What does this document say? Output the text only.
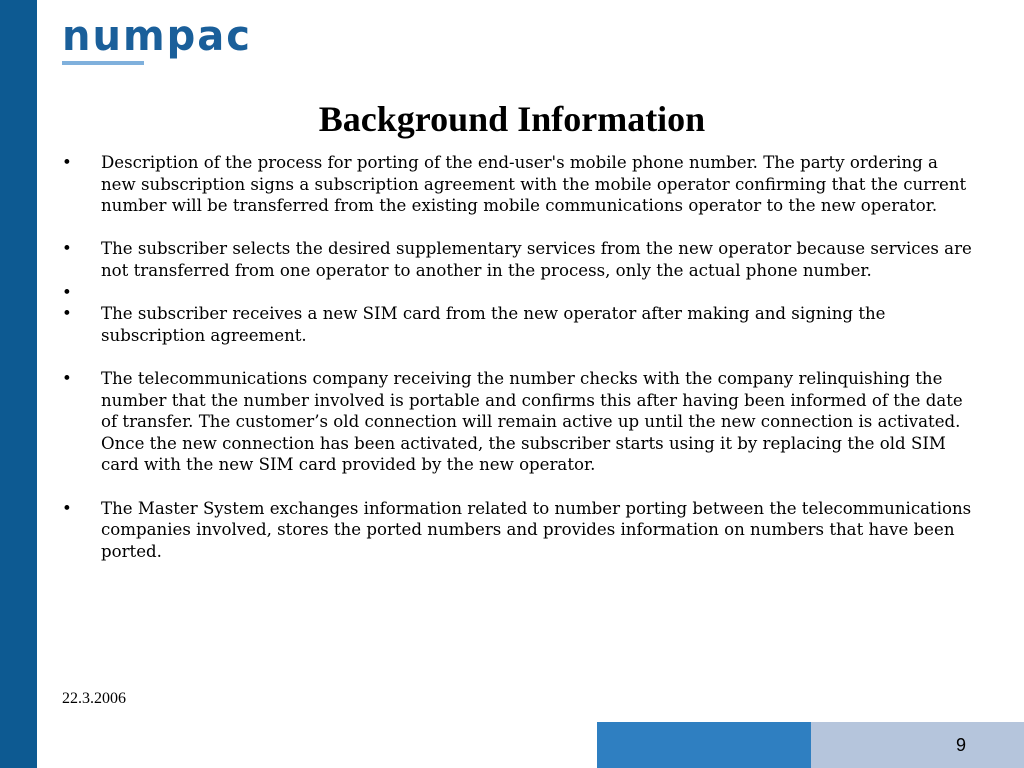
numpac
Background Information
• Description of the process for porting of the end-user's mobile phone number. The party ordering a new subscription signs a subscription agreement with the mobile operator confirming that the current number will be transferred from the existing mobile communications operator to the new operator.
• The subscriber selects the desired supplementary services from the new operator because services are not transferred from one operator to another in the process, only the actual phone number.
•
• The subscriber receives a new SIM card from the new operator after making and signing the subscription agreement.
• The telecommunications company receiving the number checks with the company relinquishing the number that the number involved is portable and confirms this after having been informed of the date of transfer. The customer’s old connection will remain active up until the new connection is activated. Once the new connection has been activated, the subscriber starts using it by replacing the old SIM card with the new SIM card provided by the new operator.
• The Master System exchanges information related to number porting between the telecommunications companies involved, stores the ported numbers and provides information on numbers that have been ported.
22.3.2006
9
